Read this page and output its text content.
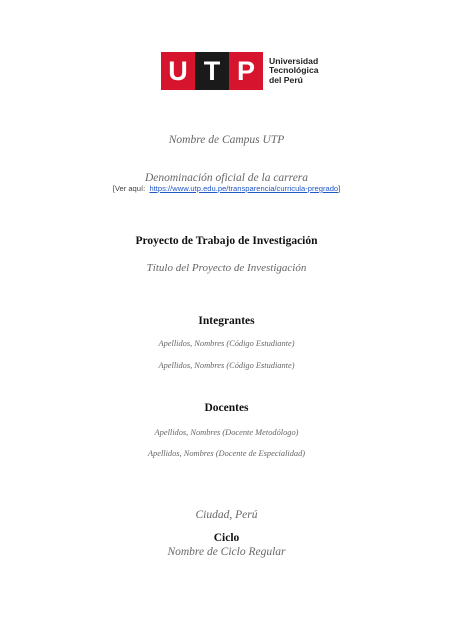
U T P	Universidad
Tecnológica
del Perú
Nombre de Campus UTP
Denominación oficial de la carrera
[Ver aquí: https://www.utp.edu.pe/transparencia/curricula-pregrado]
Proyecto de Trabajo de Investigación
Título del Proyecto de Investigación
Integrantes
Apellidos, Nombres (Código Estudiante)
Apellidos, Nombres (Código Estudiante)
Docentes
Apellidos, Nombres (Docente Metodólogo)
Apellidos, Nombres (Docente de Especialidad)
Ciudad, Perú
Ciclo
Nombre de Ciclo Regular
